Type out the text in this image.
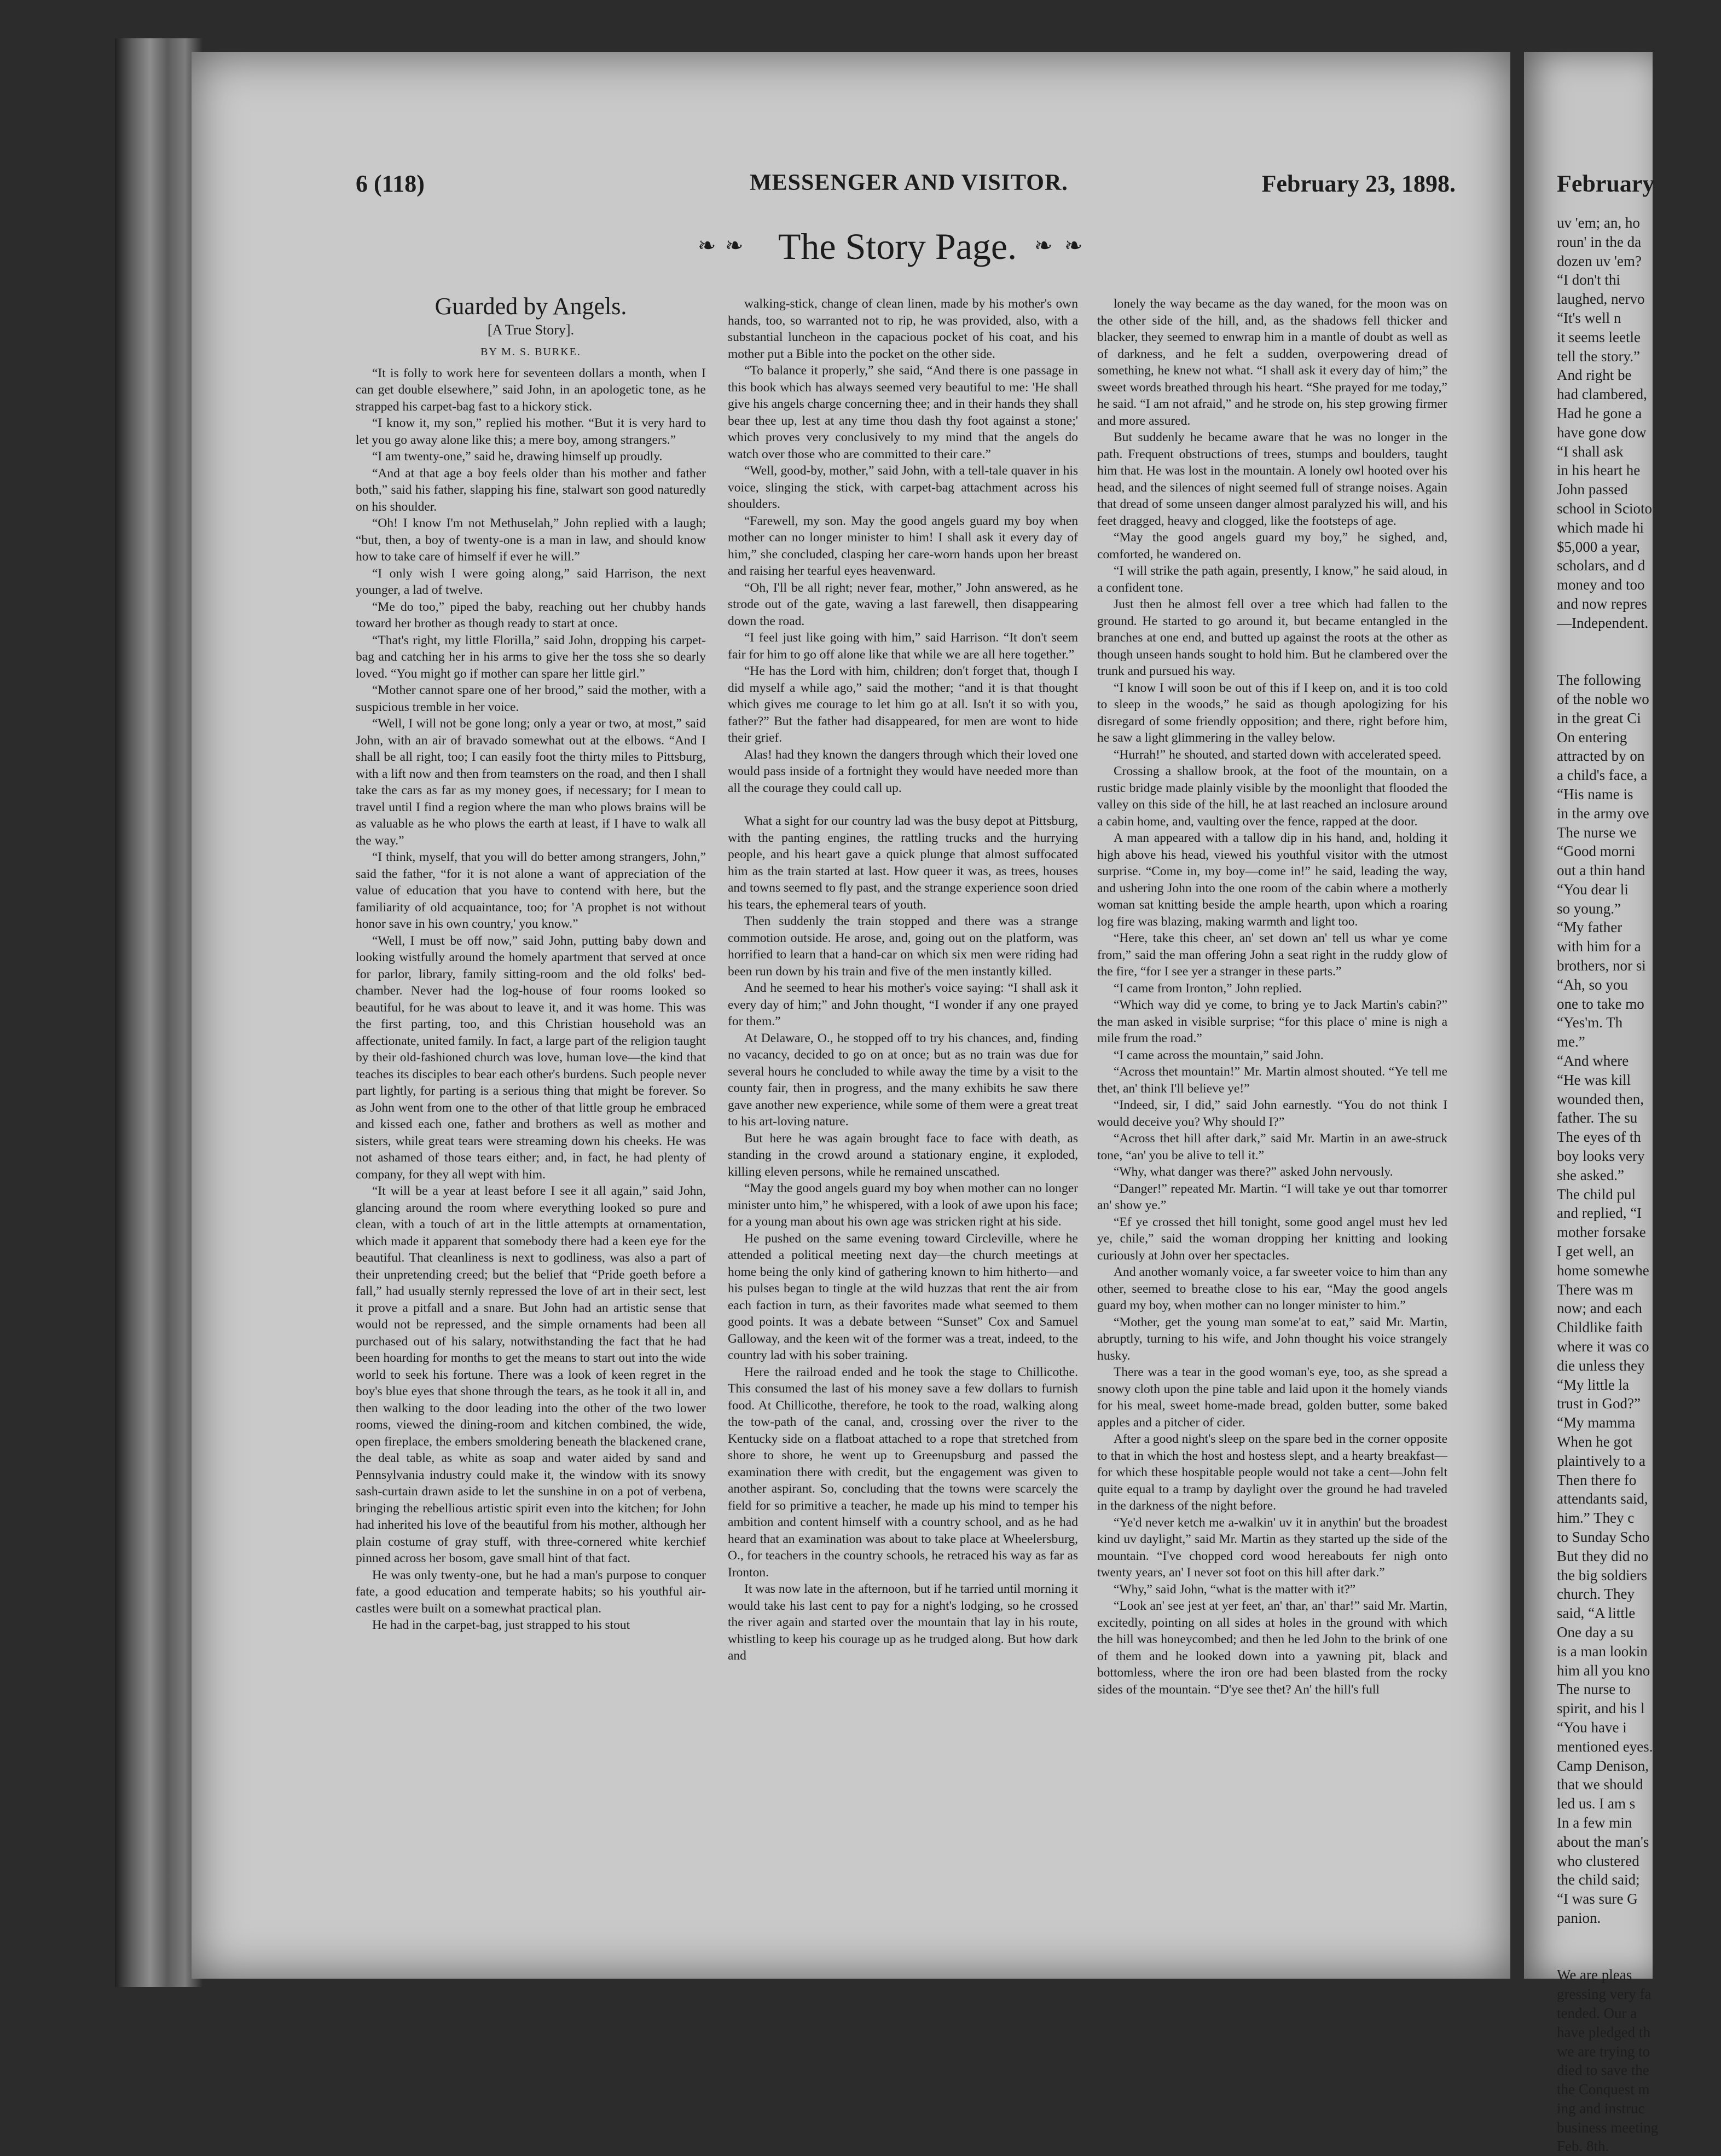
February
uv 'em; an, ho
roun' in the da
dozen uv 'em?
“I don't thi
laughed, nervo
“It's well n
it seems leetle
tell the story.”
And right be
had clambered,
Had he gone a
have gone dow
“I shall ask
in his heart he
John passed
school in Scioto
which made hi
$5,000 a year,
scholars, and d
money and too
and now repres
—Independent.

The following
of the noble wo
in the great Ci
On entering
attracted by on
a child's face, a
“His name is
in the army ove
The nurse we
“Good morni
out a thin hand
“You dear li
so young.”
“My father
with him for a
brothers, nor si
“Ah, so you
one to take mo
“Yes'm. Th
me.”
“And where
“He was kill
wounded then,
father. The su
The eyes of th
boy looks very
she asked.”
The child pul
and replied, “I
mother forsake
I get well, an
home somewhe
There was m
now; and each
Childlike faith
where it was co
die unless they
“My little la
trust in God?”
“My mamma
When he got
plaintively to a
Then there fo
attendants said,
him.” They c
to Sunday Scho
But they did no
the big soldiers
church. They
said, “A little
One day a su
is a man lookin
him all you kno
The nurse to
spirit, and his l
“You have i
mentioned eyes.
Camp Denison,
that we should
led us. I am s
In a few min
about the man's
who clustered
the child said;
“I was sure G
panion.

We are pleas
gressing very fa
tended. Our a
have pledged th
we are trying to
died to save the
the Conquest m
ing and instruc
business meeting
Feb. 8th.
6 (118)	MESSENGER AND VISITOR.	February 23, 1898.
❧ ❧ The Story Page. ❧ ❧
Guarded by Angels.
[A True Story].
BY M. S. BURKE.

“It is folly to work here for seventeen dollars a month, when I can get double elsewhere,” said John, in an apologetic tone, as he strapped his carpet-bag fast to a hickory stick.

“I know it, my son,” replied his mother. “But it is very hard to let you go away alone like this; a mere boy, among strangers.”

“I am twenty-one,” said he, drawing himself up proudly.

“And at that age a boy feels older than his mother and father both,” said his father, slapping his fine, stalwart son good naturedly on his shoulder.

“Oh! I know I'm not Methuselah,” John replied with a laugh; “but, then, a boy of twenty-one is a man in law, and should know how to take care of himself if ever he will.”

“I only wish I were going along,” said Harrison, the next younger, a lad of twelve.

“Me do too,” piped the baby, reaching out her chubby hands toward her brother as though ready to start at once.

“That's right, my little Florilla,” said John, dropping his carpet-bag and catching her in his arms to give her the toss she so dearly loved. “You might go if mother can spare her little girl.”

“Mother cannot spare one of her brood,” said the mother, with a suspicious tremble in her voice.

“Well, I will not be gone long; only a year or two, at most,” said John, with an air of bravado somewhat out at the elbows. “And I shall be all right, too; I can easily foot the thirty miles to Pittsburg, with a lift now and then from teamsters on the road, and then I shall take the cars as far as my money goes, if necessary; for I mean to travel until I find a region where the man who plows brains will be as valuable as he who plows the earth at least, if I have to walk all the way.”

“I think, myself, that you will do better among strangers, John,” said the father, “for it is not alone a want of appreciation of the value of education that you have to contend with here, but the familiarity of old acquaintance, too; for 'A prophet is not without honor save in his own country,' you know.”

“Well, I must be off now,” said John, putting baby down and looking wistfully around the homely apartment that served at once for parlor, library, family sitting-room and the old folks' bed-chamber. Never had the log-house of four rooms looked so beautiful, for he was about to leave it, and it was home. This was the first parting, too, and this Christian household was an affectionate, united family. In fact, a large part of the religion taught by their old-fashioned church was love, human love—the kind that teaches its disciples to bear each other's burdens. Such people never part lightly, for parting is a serious thing that might be forever. So as John went from one to the other of that little group he embraced and kissed each one, father and brothers as well as mother and sisters, while great tears were streaming down his cheeks. He was not ashamed of those tears either; and, in fact, he had plenty of company, for they all wept with him.

“It will be a year at least before I see it all again,” said John, glancing around the room where everything looked so pure and clean, with a touch of art in the little attempts at ornamentation, which made it apparent that somebody there had a keen eye for the beautiful. That cleanliness is next to godliness, was also a part of their unpretending creed; but the belief that “Pride goeth before a fall,” had usually sternly repressed the love of art in their sect, lest it prove a pitfall and a snare. But John had an artistic sense that would not be repressed, and the simple ornaments had been all purchased out of his salary, notwithstanding the fact that he had been hoarding for months to get the means to start out into the wide world to seek his fortune. There was a look of keen regret in the boy's blue eyes that shone through the tears, as he took it all in, and then walking to the door leading into the other of the two lower rooms, viewed the dining-room and kitchen combined, the wide, open fireplace, the embers smoldering beneath the blackened crane, the deal table, as white as soap and water aided by sand and Pennsylvania industry could make it, the window with its snowy sash-curtain drawn aside to let the sunshine in on a pot of verbena, bringing the rebellious artistic spirit even into the kitchen; for John had inherited his love of the beautiful from his mother, although her plain costume of gray stuff, with three-cornered white kerchief pinned across her bosom, gave small hint of that fact.

He was only twenty-one, but he had a man's purpose to conquer fate, a good education and temperate habits; so his youthful air-castles were built on a somewhat practical plan.

He had in the carpet-bag, just strapped to his stout

walking-stick, change of clean linen, made by his mother's own hands, too, so warranted not to rip, he was provided, also, with a substantial luncheon in the capacious pocket of his coat, and his mother put a Bible into the pocket on the other side.

“To balance it properly,” she said, “And there is one passage in this book which has always seemed very beautiful to me: 'He shall give his angels charge concerning thee; and in their hands they shall bear thee up, lest at any time thou dash thy foot against a stone;' which proves very conclusively to my mind that the angels do watch over those who are committed to their care.”

“Well, good-by, mother,” said John, with a tell-tale quaver in his voice, slinging the stick, with carpet-bag attachment across his shoulders.

“Farewell, my son. May the good angels guard my boy when mother can no longer minister to him! I shall ask it every day of him,” she concluded, clasping her care-worn hands upon her breast and raising her tearful eyes heavenward.

“Oh, I'll be all right; never fear, mother,” John answered, as he strode out of the gate, waving a last farewell, then disappearing down the road.

“I feel just like going with him,” said Harrison. “It don't seem fair for him to go off alone like that while we are all here together.”

“He has the Lord with him, children; don't forget that, though I did myself a while ago,” said the mother; “and it is that thought which gives me courage to let him go at all. Isn't it so with you, father?” But the father had disappeared, for men are wont to hide their grief.

Alas! had they known the dangers through which their loved one would pass inside of a fortnight they would have needed more than all the courage they could call up.

What a sight for our country lad was the busy depot at Pittsburg, with the panting engines, the rattling trucks and the hurrying people, and his heart gave a quick plunge that almost suffocated him as the train started at last. How queer it was, as trees, houses and towns seemed to fly past, and the strange experience soon dried his tears, the ephemeral tears of youth.

Then suddenly the train stopped and there was a strange commotion outside. He arose, and, going out on the platform, was horrified to learn that a hand-car on which six men were riding had been run down by his train and five of the men instantly killed.

And he seemed to hear his mother's voice saying: “I shall ask it every day of him;” and John thought, “I wonder if any one prayed for them.”

At Delaware, O., he stopped off to try his chances, and, finding no vacancy, decided to go on at once; but as no train was due for several hours he concluded to while away the time by a visit to the county fair, then in progress, and the many exhibits he saw there gave another new experience, while some of them were a great treat to his art-loving nature.

But here he was again brought face to face with death, as standing in the crowd around a stationary engine, it exploded, killing eleven persons, while he remained unscathed.

“May the good angels guard my boy when mother can no longer minister unto him,” he whispered, with a look of awe upon his face; for a young man about his own age was stricken right at his side.

He pushed on the same evening toward Circleville, where he attended a political meeting next day—the church meetings at home being the only kind of gathering known to him hitherto—and his pulses began to tingle at the wild huzzas that rent the air from each faction in turn, as their favorites made what seemed to them good points. It was a debate between “Sunset” Cox and Samuel Galloway, and the keen wit of the former was a treat, indeed, to the country lad with his sober training.

Here the railroad ended and he took the stage to Chillicothe. This consumed the last of his money save a few dollars to furnish food. At Chillicothe, therefore, he took to the road, walking along the tow-path of the canal, and, crossing over the river to the Kentucky side on a flatboat attached to a rope that stretched from shore to shore, he went up to Greenupsburg and passed the examination there with credit, but the engagement was given to another aspirant. So, concluding that the towns were scarcely the field for so primitive a teacher, he made up his mind to temper his ambition and content himself with a country school, and as he had heard that an examination was about to take place at Wheelersburg, O., for teachers in the country schools, he retraced his way as far as Ironton.

It was now late in the afternoon, but if he tarried until morning it would take his last cent to pay for a night's lodging, so he crossed the river again and started over the mountain that lay in his route, whistling to keep his courage up as he trudged along. But how dark and

lonely the way became as the day waned, for the moon was on the other side of the hill, and, as the shadows fell thicker and blacker, they seemed to enwrap him in a mantle of doubt as well as of darkness, and he felt a sudden, overpowering dread of something, he knew not what. “I shall ask it every day of him;” the sweet words breathed through his heart. “She prayed for me today,” he said. “I am not afraid,” and he strode on, his step growing firmer and more assured.

But suddenly he became aware that he was no longer in the path. Frequent obstructions of trees, stumps and boulders, taught him that. He was lost in the mountain. A lonely owl hooted over his head, and the silences of night seemed full of strange noises. Again that dread of some unseen danger almost paralyzed his will, and his feet dragged, heavy and clogged, like the footsteps of age.

“May the good angels guard my boy,” he sighed, and, comforted, he wandered on.

“I will strike the path again, presently, I know,” he said aloud, in a confident tone.

Just then he almost fell over a tree which had fallen to the ground. He started to go around it, but became entangled in the branches at one end, and butted up against the roots at the other as though unseen hands sought to hold him. But he clambered over the trunk and pursued his way.

“I know I will soon be out of this if I keep on, and it is too cold to sleep in the woods,” he said as though apologizing for his disregard of some friendly opposition; and there, right before him, he saw a light glimmering in the valley below.

“Hurrah!” he shouted, and started down with accelerated speed.

Crossing a shallow brook, at the foot of the mountain, on a rustic bridge made plainly visible by the moonlight that flooded the valley on this side of the hill, he at last reached an inclosure around a cabin home, and, vaulting over the fence, rapped at the door.

A man appeared with a tallow dip in his hand, and, holding it high above his head, viewed his youthful visitor with the utmost surprise. “Come in, my boy—come in!” he said, leading the way, and ushering John into the one room of the cabin where a motherly woman sat knitting beside the ample hearth, upon which a roaring log fire was blazing, making warmth and light too.

“Here, take this cheer, an' set down an' tell us whar ye come from,” said the man offering John a seat right in the ruddy glow of the fire, “for I see yer a stranger in these parts.”

“I came from Ironton,” John replied.

“Which way did ye come, to bring ye to Jack Martin's cabin?” the man asked in visible surprise; “for this place o' mine is nigh a mile frum the road.”

“I came across the mountain,” said John.

“Across thet mountain!” Mr. Martin almost shouted. “Ye tell me thet, an' think I'll believe ye!”

“Indeed, sir, I did,” said John earnestly. “You do not think I would deceive you? Why should I?”

“Across thet hill after dark,” said Mr. Martin in an awe-struck tone, “an' you be alive to tell it.”

“Why, what danger was there?” asked John nervously.

“Danger!” repeated Mr. Martin. “I will take ye out thar tomorrer an' show ye.”

“Ef ye crossed thet hill tonight, some good angel must hev led ye, chile,” said the woman dropping her knitting and looking curiously at John over her spectacles.

And another womanly voice, a far sweeter voice to him than any other, seemed to breathe close to his ear, “May the good angels guard my boy, when mother can no longer minister to him.”

“Mother, get the young man some'at to eat,” said Mr. Martin, abruptly, turning to his wife, and John thought his voice strangely husky.

There was a tear in the good woman's eye, too, as she spread a snowy cloth upon the pine table and laid upon it the homely viands for his meal, sweet home-made bread, golden butter, some baked apples and a pitcher of cider.

After a good night's sleep on the spare bed in the corner opposite to that in which the host and hostess slept, and a hearty breakfast—for which these hospitable people would not take a cent—John felt quite equal to a tramp by daylight over the ground he had traveled in the darkness of the night before.

“Ye'd never ketch me a-walkin' uv it in anythin' but the broadest kind uv daylight,” said Mr. Martin as they started up the side of the mountain. “I've chopped cord wood hereabouts fer nigh onto twenty years, an' I never sot foot on this hill after dark.”

“Why,” said John, “what is the matter with it?”

“Look an' see jest at yer feet, an' thar, an' thar!” said Mr. Martin, excitedly, pointing on all sides at holes in the ground with which the hill was honeycombed; and then he led John to the brink of one of them and he looked down into a yawning pit, black and bottomless, where the iron ore had been blasted from the rocky sides of the mountain. “D'ye see thet? An' the hill's full
